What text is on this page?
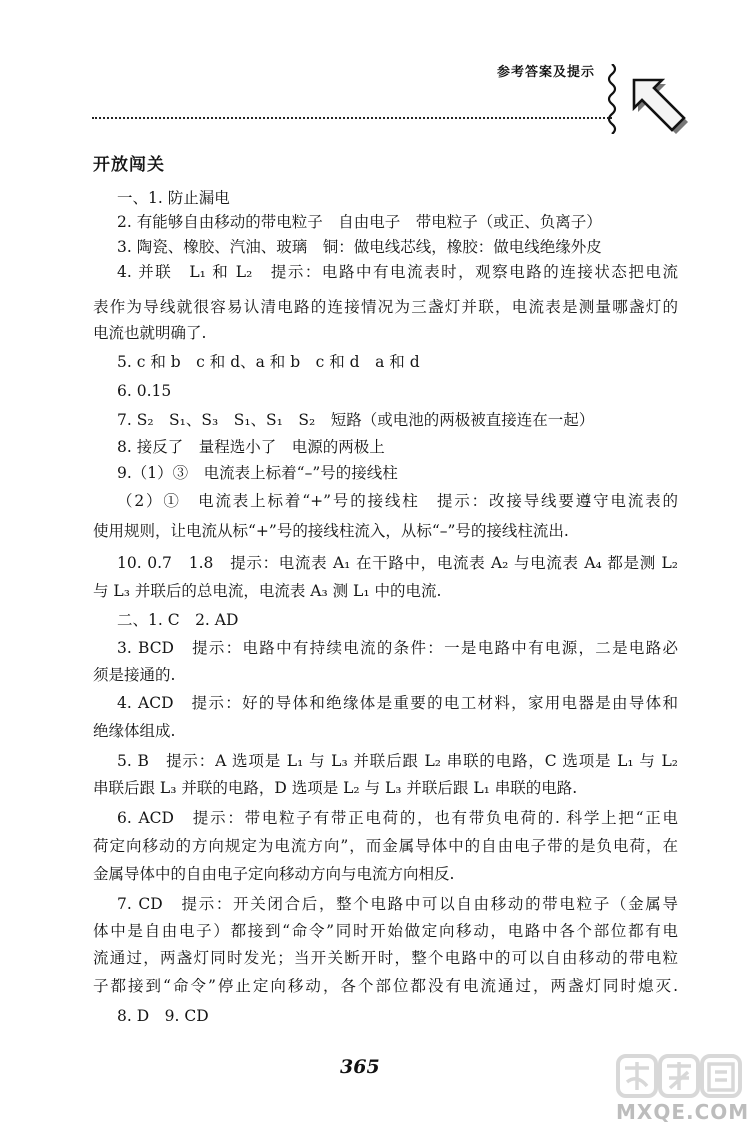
参考答案及提示
开放闯关
一、1. 防止漏电
2. 有能够自由移动的带电粒子　自由电子　带电粒子（或正、负离子）
3. 陶瓷、橡胶、汽油、玻璃　铜：做电线芯线，橡胶：做电线绝缘外皮
4. 并联　L₁ 和 L₂　提示：电路中有电流表时，观察电路的连接状态把电流
表作为导线就很容易认清电路的连接情况为三盏灯并联，电流表是测量哪盏灯的
电流也就明确了.
5. c 和 b　c 和 d、a 和 b　c 和 d　a 和 d
6. 0.15
7. S₂　S₁、S₃　S₁、S₁　S₂　短路（或电池的两极被直接连在一起）
8. 接反了　量程选小了　电源的两极上
9.（1）③　电流表上标着“–”号的接线柱
（2）①　电流表上标着“+”号的接线柱　提示：改接导线要遵守电流表的
使用规则，让电流从标“+”号的接线柱流入，从标“–”号的接线柱流出.
10. 0.7　1.8　提示：电流表 A₁ 在干路中，电流表 A₂ 与电流表 A₄ 都是测 L₂
与 L₃ 并联后的总电流，电流表 A₃ 测 L₁ 中的电流.
二、1. C　2. AD
3. BCD　提示：电路中有持续电流的条件：一是电路中有电源，二是电路必
须是接通的.
4. ACD　提示：好的导体和绝缘体是重要的电工材料，家用电器是由导体和
绝缘体组成.
5. B　提示：A 选项是 L₁ 与 L₃ 并联后跟 L₂ 串联的电路，C 选项是 L₁ 与 L₂
串联后跟 L₃ 并联的电路，D 选项是 L₂ 与 L₃ 并联后跟 L₁ 串联的电路.
6. ACD　提示：带电粒子有带正电荷的，也有带负电荷的. 科学上把“正电
荷定向移动的方向规定为电流方向”，而金属导体中的自由电子带的是负电荷，在
金属导体中的自由电子定向移动方向与电流方向相反.
7. CD　提示：开关闭合后，整个电路中可以自由移动的带电粒子（金属导
体中是自由电子）都接到“命令”同时开始做定向移动，电路中各个部位都有电
流通过，两盏灯同时发光；当开关断开时，整个电路中的可以自由移动的带电粒
子都接到“命令”停止定向移动，各个部位都没有电流通过，两盏灯同时熄灭.
8. D　9. CD
365
MXQE.COM
